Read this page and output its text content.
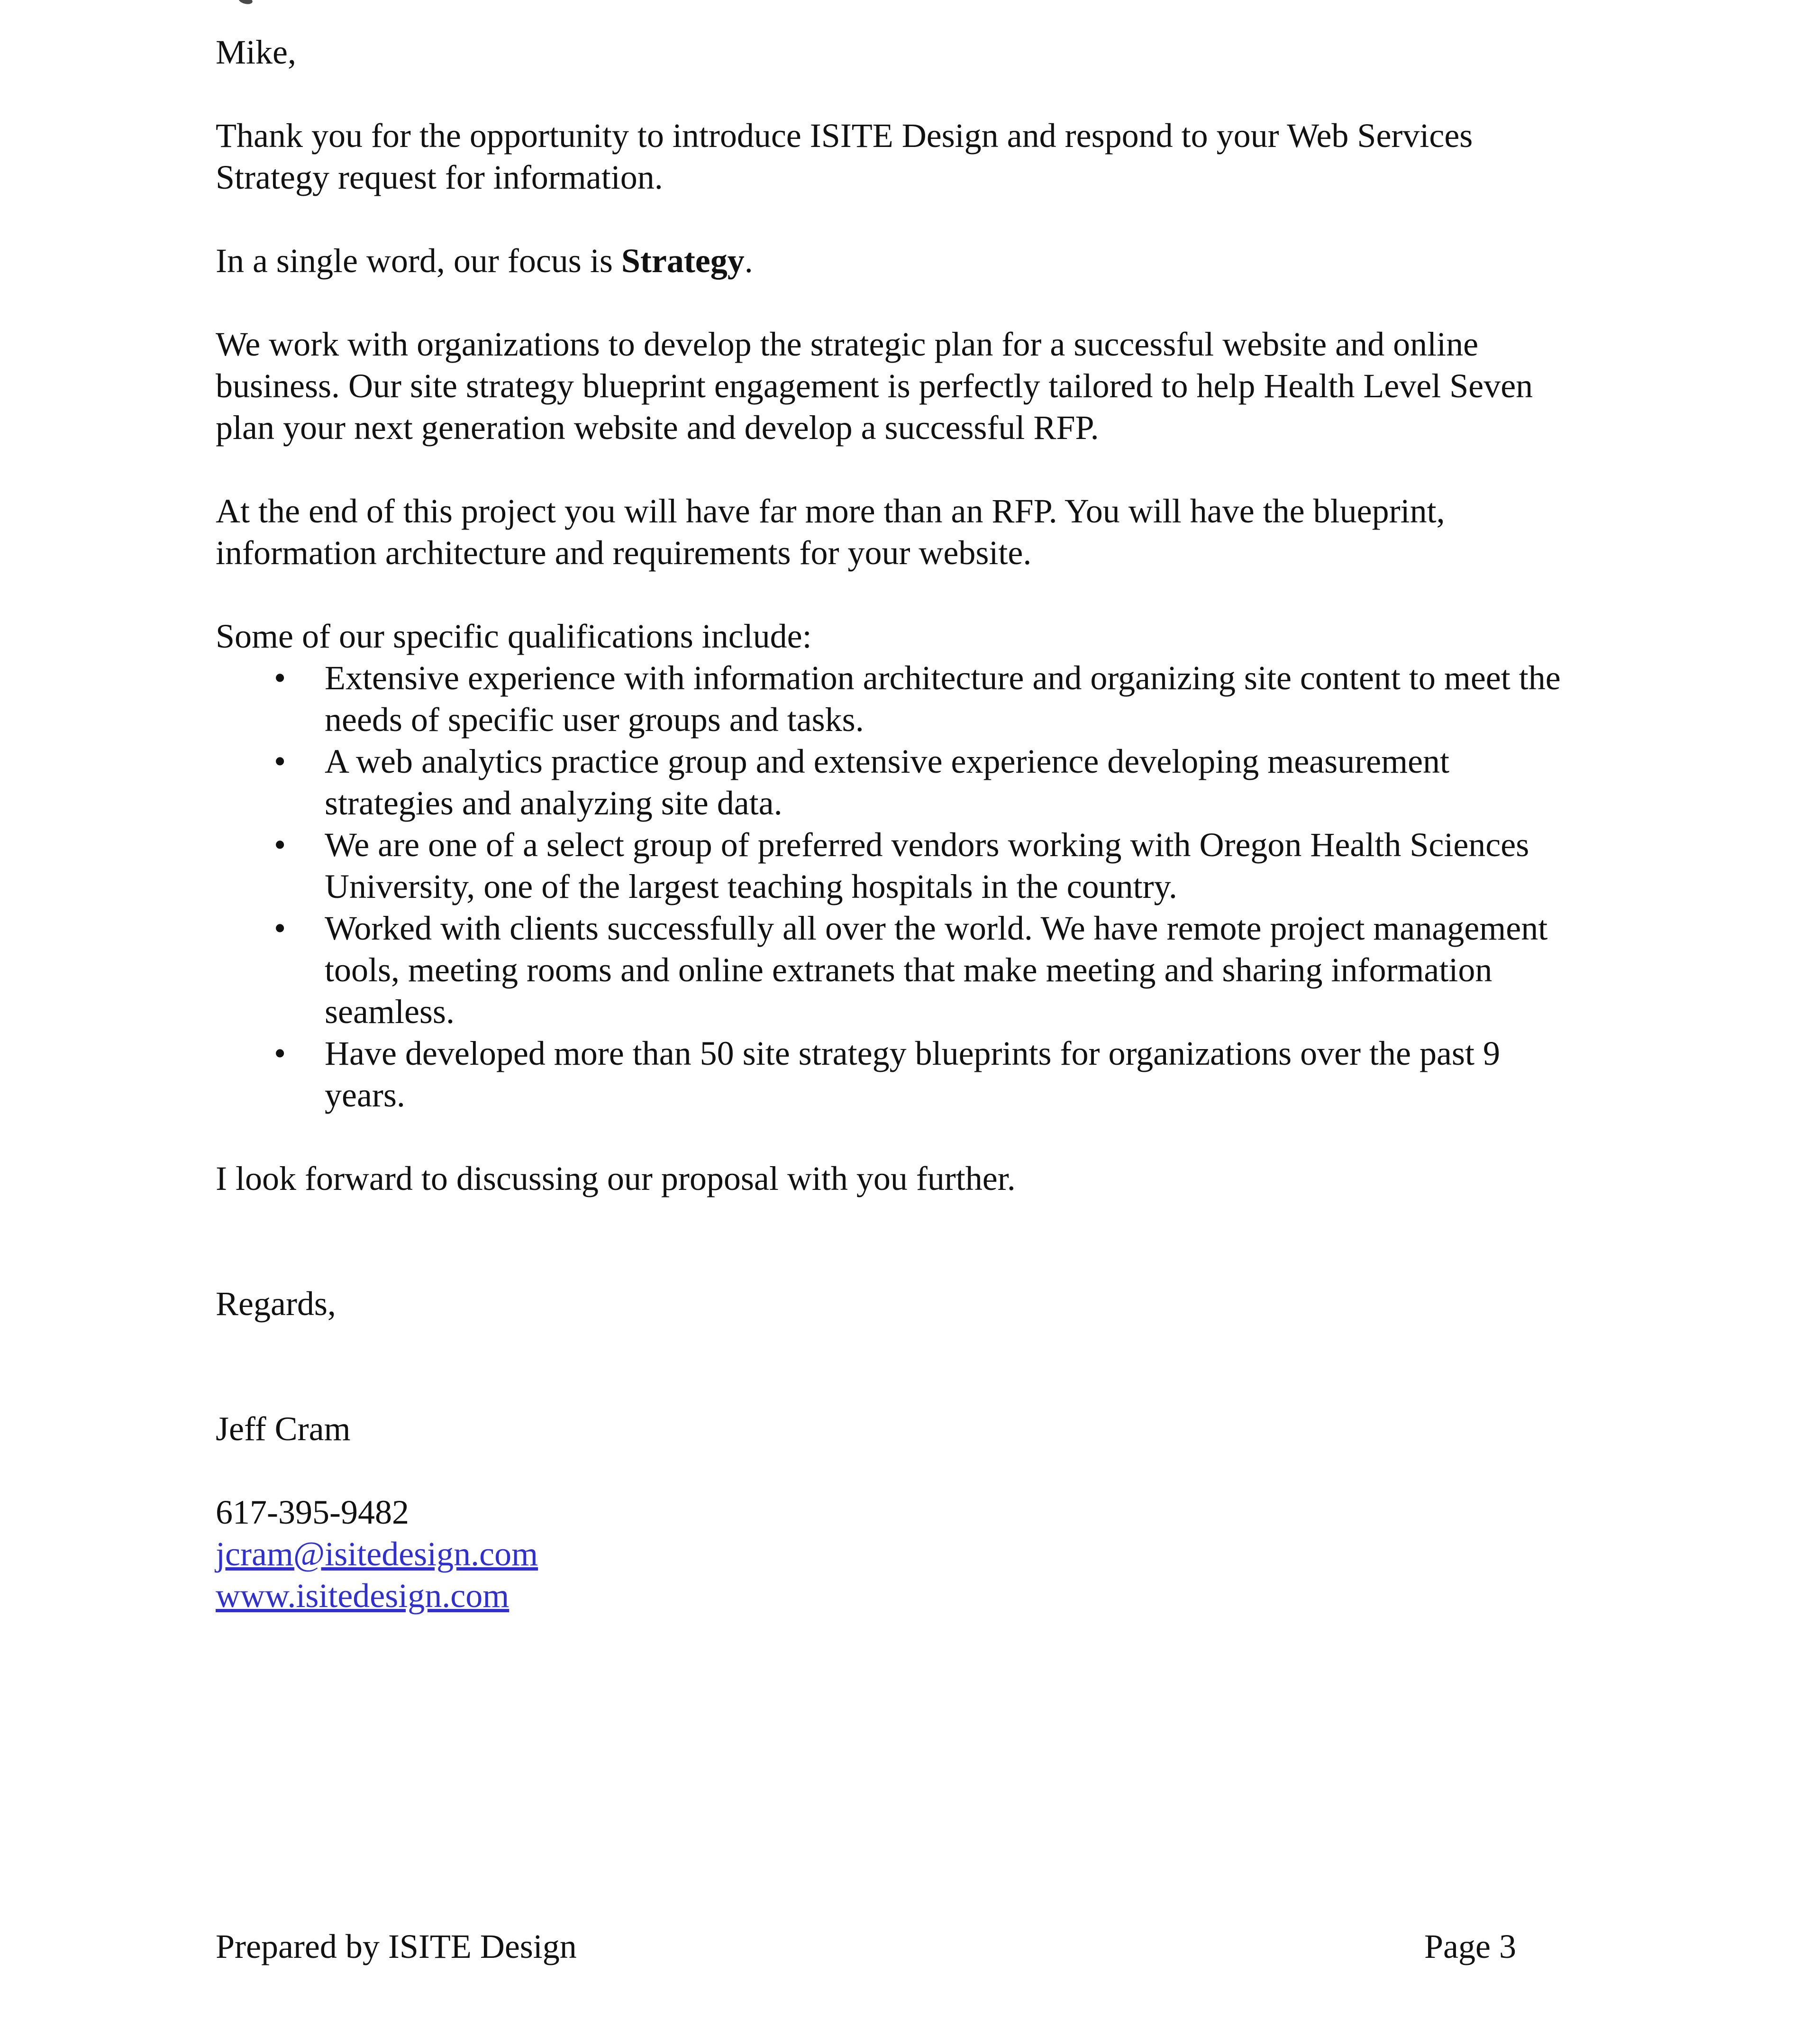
Mike,
Thank you for the opportunity to introduce ISITE Design and respond to your Web Services
Strategy request for information.
In a single word, our focus is Strategy.
We work with organizations to develop the strategic plan for a successful website and online
business. Our site strategy blueprint engagement is perfectly tailored to help Health Level Seven
plan your next generation website and develop a successful RFP.
At the end of this project you will have far more than an RFP. You will have the blueprint,
information architecture and requirements for your website.
Some of our specific qualifications include:
•	Extensive experience with information architecture and organizing site content to meet the
needs of specific user groups and tasks.
•	A web analytics practice group and extensive experience developing measurement
strategies and analyzing site data.
•	We are one of a select group of preferred vendors working with Oregon Health Sciences
University, one of the largest teaching hospitals in the country.
•	Worked with clients successfully all over the world. We have remote project management
tools, meeting rooms and online extranets that make meeting and sharing information
seamless.
•	Have developed more than 50 site strategy blueprints for organizations over the past 9
years.
I look forward to discussing our proposal with you further.
Regards,
Jeff Cram
617-395-9482
jcram@isitedesign.com
www.isitedesign.com
Prepared by ISITE Design	Page 3
